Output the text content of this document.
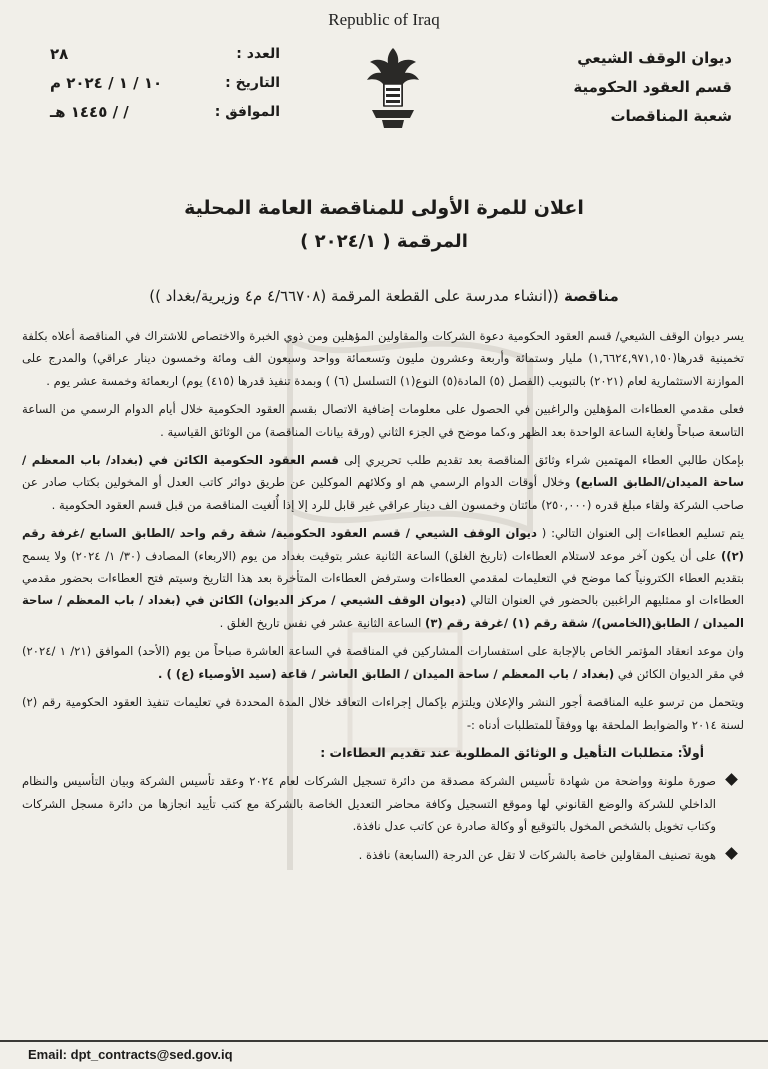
Republic of Iraq
ديوان الوقف الشيعي
قسم العقود الحكومية
شعبة المناقصات
العدد :
٢٨
التاريخ :
١٠ / ١ / ٢٠٢٤ م
الموافق :
/ / ١٤٤٥ هـ
اعلان للمرة الأولى للمناقصة العامة المحلية
المرقمة ( ٢٠٢٤/١ )
مناقصة ((انشاء مدرسة على القطعة المرقمة (٤/٦٦٧٠٨ م٤ وزيرية/بغداد ))

يسر ديوان الوقف الشيعي/ قسم العقود الحكومية دعوة الشركات والمقاولين المؤهلين ومن ذوي الخبرة والاختصاص للاشتراك في المناقصة أعلاه بكلفة تخمينية قدرها(١,٦٦٢٤,٩٧١,١٥٠) مليار وستمائة وأربعة وعشرون مليون وتسعمائة وواحد وسبعون الف ومائة وخمسون دينار عراقي) والمدرج على الموازنة الاستثمارية لعام (٢٠٢١) بالتبويب (الفصل (٥) المادة(٥) النوع(١) التسلسل (٦) ) وبمدة تنفيذ قدرها (٤١٥) يوم) اربعمائة وخمسة عشر يوم .

فعلى مقدمي العطاءات المؤهلين والراغبين في الحصول على معلومات إضافية الاتصال بقسم العقود الحكومية خلال أيام الدوام الرسمي من الساعة التاسعة صباحاً ولغاية الساعة الواحدة بعد الظهر و،كما موضح في الجزء الثاني (ورقة بيانات المناقصة) من الوثائق القياسية .

بإمكان طالبي العطاء المهتمين شراء وثائق المناقصة بعد تقديم طلب تحريري إلى قسم العقود الحكومية الكائن في (بغداد/ باب المعظم /ساحة الميدان/الطابق السابع) وخلال أوقات الدوام الرسمي هم او وكلائهم الموكلين عن طريق دوائر كاتب العدل أو المخولين بكتاب صادر عن صاحب الشركة ولقاء مبلغ قدره (٢٥٠,٠٠٠) مائتان وخمسون الف دينار عراقي غير قابل للرد إلا إذا أُلغيت المناقصة من قبل قسم العقود الحكومية .

يتم تسليم العطاءات إلى العنوان التالي: ( ديوان الوقف الشيعي / قسم العقود الحكومية/ شقة رقم واحد /الطابق السابع /غرفة رقم (٢)) على أن يكون آخر موعد لاستلام العطاءات (تاريخ الغلق) الساعة الثانية عشر بتوقيت بغداد من يوم (الاربعاء) المصادف (٣٠/ ١/ ٢٠٢٤) ولا يسمح بتقديم العطاء الكترونياً كما موضح في التعليمات لمقدمي العطاءات وسترفض العطاءات المتأخرة بعد هذا التاريخ وسيتم فتح العطاءات بحضور مقدمي العطاءات او ممثليهم الراغبين بالحضور في العنوان التالي (ديوان الوقف الشيعي / مركز الديوان) الكائن في (بغداد / باب المعظم / ساحة الميدان / الطابق(الخامس)/ شقة رقم (١) /غرفة رقم (٣) الساعة الثانية عشر في نفس تاريخ الغلق .

وان موعد انعقاد المؤتمر الخاص بالإجابة على استفسارات المشاركين في المناقصة في الساعة العاشرة صباحاً من يوم (الأحد) الموافق (٢١/ ١ /٢٠٢٤) في مقر الديوان الكائن في (بغداد / باب المعظم / ساحة الميدان / الطابق العاشر / قاعة (سيد الأوصياء (ع) ) .

ويتحمل من ترسو عليه المناقصة أجور النشر والإعلان ويلتزم بإكمال إجراءات التعاقد خلال المدة المحددة في تعليمات تنفيذ العقود الحكومية رقم (٢) لسنة ٢٠١٤ والضوابط الملحقة بها ووفقاً للمتطلبات أدناه :-

أولاً: متطلبات التأهيل و الوثائق المطلوبة عند تقديم العطاءات :
صورة ملونة وواضحة من شهادة تأسيس الشركة مصدقة من دائرة تسجيل الشركات لعام ٢٠٢٤ وعقد تأسيس الشركة وبيان التأسيس والنظام الداخلي للشركة والوضع القانوني لها وموقع التسجيل وكافة محاضر التعديل الخاصة بالشركة مع كتب تأييد انجازها من دائرة مسجل الشركات وكتاب تخويل بالشخص المخول بالتوقيع أو وكالة صادرة عن كاتب عدل نافذة.
هوية تصنيف المقاولين خاصة بالشركات لا تقل عن الدرجة (السابعة) نافذة .
Email: dpt_contracts@sed.gov.iq
